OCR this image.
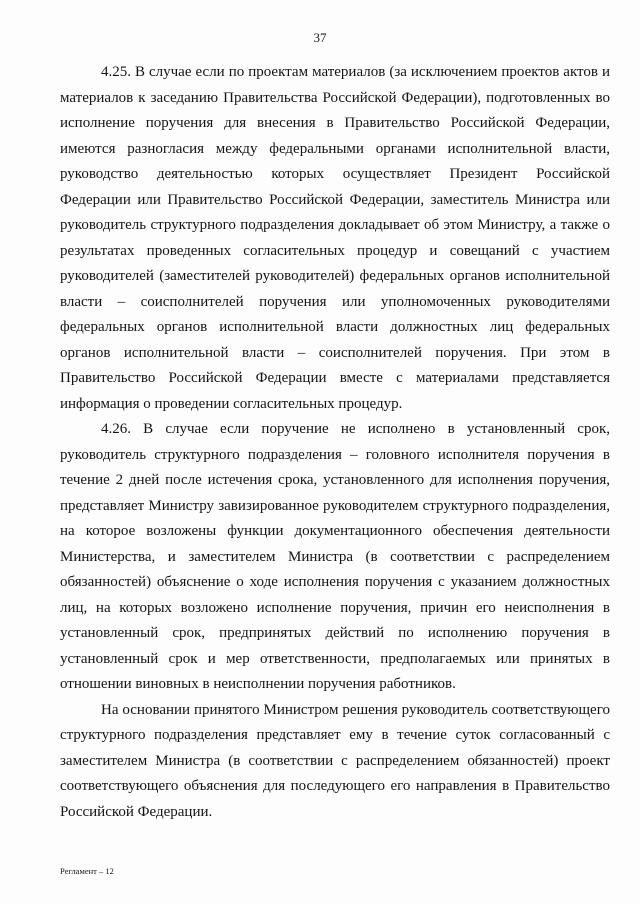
37

4.25. В случае если по проектам материалов (за исключением проектов актов и материалов к заседанию Правительства Российской Федерации), подготовленных во исполнение поручения для внесения в Правительство Российской Федерации, имеются разногласия между федеральными органами исполнительной власти, руководство деятельностью которых осуществляет Президент Российской Федерации или Правительство Российской Федерации, заместитель Министра или руководитель структурного подразделения докладывает об этом Министру, а также о результатах проведенных согласительных процедур и совещаний с участием руководителей (заместителей руководителей) федеральных органов исполнительной власти – соисполнителей поручения или уполномоченных руководителями федеральных органов исполнительной власти должностных лиц федеральных органов исполнительной власти – соисполнителей поручения. При этом в Правительство Российской Федерации вместе с материалами представляется информация о проведении согласительных процедур.

4.26. В случае если поручение не исполнено в установленный срок, руководитель структурного подразделения – головного исполнителя поручения в течение 2 дней после истечения срока, установленного для исполнения поручения, представляет Министру завизированное руководителем структурного подразделения, на которое возложены функции документационного обеспечения деятельности Министерства, и заместителем Министра (в соответствии с распределением обязанностей) объяснение о ходе исполнения поручения с указанием должностных лиц, на которых возложено исполнение поручения, причин его неисполнения в установленный срок, предпринятых действий по исполнению поручения в установленный срок и мер ответственности, предполагаемых или принятых в отношении виновных в неисполнении поручения работников.

На основании принятого Министром решения руководитель соответствующего структурного подразделения представляет ему в течение суток согласованный с заместителем Министра (в соответствии с распределением обязанностей) проект соответствующего объяснения для последующего его направления в Правительство Российской Федерации.

Регламент – 12
